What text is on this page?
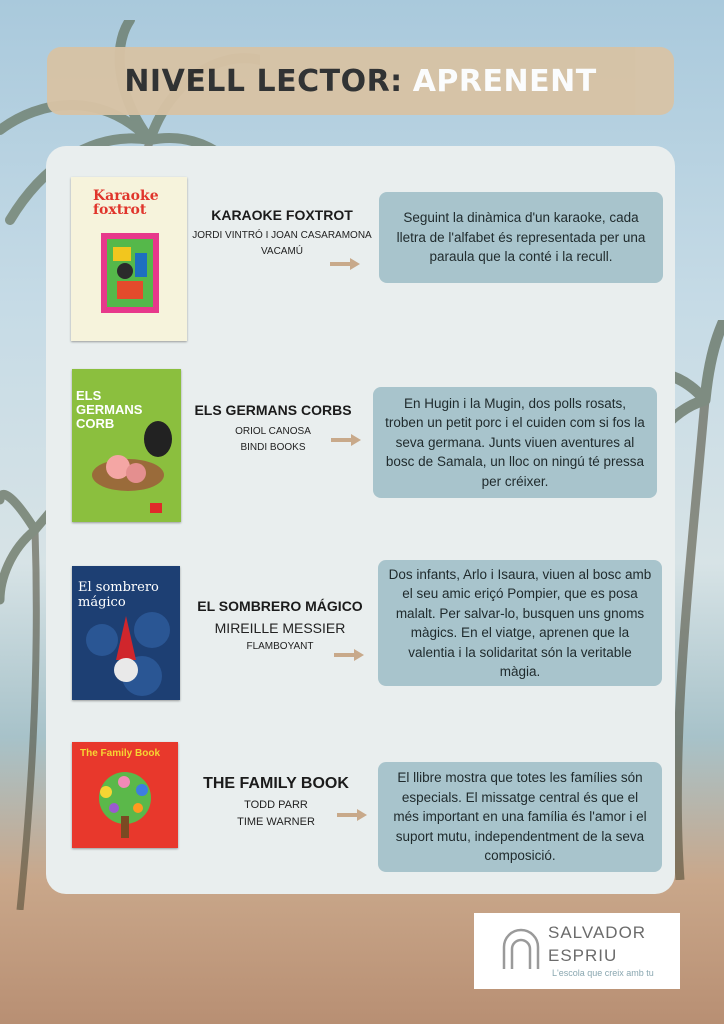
NIVELL LECTOR: APRENENT
Karaoke foxtrot	KARAOKE FOXTROT
JORDI VINTRÓ I JOAN CASARAMONA
VACAMÚ
Seguint la dinàmica d'un karaoke, cada lletra de l'alfabet és representada per una paraula que la conté i la recull.
ELS GERMANS CORB
ELS GERMANS CORBS
ORIOL CANOSA
BINDI BOOKS
En Hugin i la Mugin, dos polls rosats, troben un petit porc i el cuiden com si fos la seva germana. Junts viuen aventures al bosc de Samala, un lloc on ningú té pressa per créixer.
El sombrero mágico	EL SOMBRERO MÁGICO
MIREILLE MESSIER
FLAMBOYANT
Dos infants, Arlo i Isaura, viuen al bosc amb el seu amic eriçó Pompier, que es posa malalt. Per salvar-lo, busquen uns gnoms màgics. En el viatge, aprenen que la valentia i la solidaritat són la veritable màgia.
The Family Book
THE FAMILY BOOK
TODD PARR
TIME WARNER
El llibre mostra que totes les famílies són especials. El missatge central és que el més important en una família és l'amor i el suport mutu, independentment de la seva composició.
SALVADOR
ESPRIU
L'escola que creix amb tu
